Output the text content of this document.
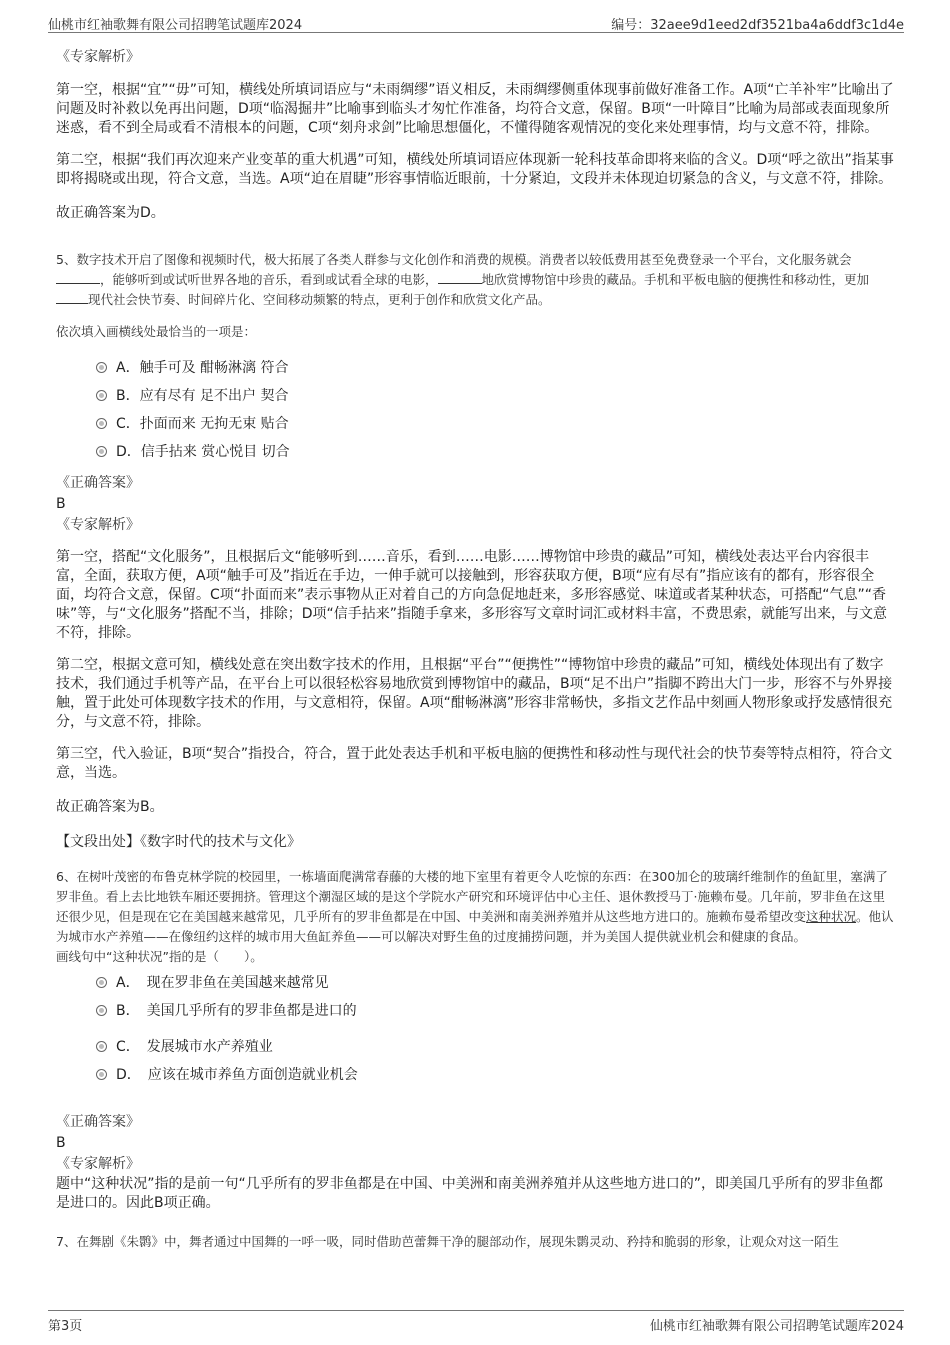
仙桃市红袖歌舞有限公司招聘笔试题库2024	编号：32aee9d1eed2df3521ba4a6ddf3c1d4e

《专家解析》

第一空，根据“宜”“毋”可知，横线处所填词语应与“未雨绸缪”语义相反，未雨绸缪侧重体现事前做好准备工作。A项“亡羊补牢”比喻出了问题及时补救以免再出问题，D项“临渴掘井”比喻事到临头才匆忙作准备，均符合文意，保留。B项“一叶障目”比喻为局部或表面现象所迷惑，看不到全局或看不清根本的问题，C项“刻舟求剑”比喻思想僵化，不懂得随客观情况的变化来处理事情，均与文意不符，排除。

第二空，根据“我们再次迎来产业变革的重大机遇”可知，横线处所填词语应体现新一轮科技革命即将来临的含义。D项“呼之欲出”指某事即将揭晓或出现，符合文意，当选。A项“迫在眉睫”形容事情临近眼前，十分紧迫，文段并未体现迫切紧急的含义，与文意不符，排除。

故正确答案为D。

5、数字技术开启了图像和视频时代，极大拓展了各类人群参与文化创作和消费的规模。消费者以较低费用甚至免费登录一个平台，文化服务就会，能够听到或试听世界各地的音乐，看到或试看全球的电影，	地欣赏博物馆中珍贵的藏品。手机和平板电脑的便携性和移动性，更加现代社会快节奏、时间碎片化、空间移动频繁的特点，更利于创作和欣赏文化产品。

依次填入画横线处最恰当的一项是：

A．触手可及 酣畅淋漓 符合
B．应有尽有 足不出户 契合
C．扑面而来 无拘无束 贴合
D．信手拈来 赏心悦目 切合

《正确答案》

B

《专家解析》

第一空，搭配“文化服务”，且根据后文“能够听到……音乐，看到……电影……博物馆中珍贵的藏品”可知，横线处表达平台内容很丰富，全面，获取方便，A项“触手可及”指近在手边，一伸手就可以接触到，形容获取方便，B项“应有尽有”指应该有的都有，形容很全面，均符合文意，保留。C项“扑面而来”表示事物从正对着自己的方向急促地赶来，多形容感觉、味道或者某种状态，可搭配“气息”“香味”等，与“文化服务”搭配不当，排除；D项“信手拈来”指随手拿来，多形容写文章时词汇或材料丰富，不费思索，就能写出来，与文意不符，排除。

第二空，根据文意可知，横线处意在突出数字技术的作用，且根据“平台”“便携性”“博物馆中珍贵的藏品”可知，横线处体现出有了数字技术，我们通过手机等产品，在平台上可以很轻松容易地欣赏到博物馆中的藏品，B项“足不出户”指脚不跨出大门一步，形容不与外界接触，置于此处可体现数字技术的作用，与文意相符，保留。A项“酣畅淋漓”形容非常畅快，多指文艺作品中刻画人物形象或抒发感情很充分，与文意不符，排除。

第三空，代入验证，B项“契合”指投合，符合，置于此处表达手机和平板电脑的便携性和移动性与现代社会的快节奏等特点相符，符合文意，当选。

故正确答案为B。

【文段出处】《数字时代的技术与文化》

6、在树叶茂密的布鲁克林学院的校园里，一栋墙面爬满常春藤的大楼的地下室里有着更令人吃惊的东西：在300加仑的玻璃纤维制作的鱼缸里，塞满了罗非鱼。看上去比地铁车厢还要拥挤。管理这个潮湿区域的是这个学院水产研究和环境评估中心主任、退休教授马丁·施赖布曼。几年前，罗非鱼在这里还很少见，但是现在它在美国越来越常见，几乎所有的罗非鱼都是在中国、中美洲和南美洲养殖并从这些地方进口的。施赖布曼希望改变这种状况。他认为城市水产养殖——在像纽约这样的城市用大鱼缸养鱼——可以解决对野生鱼的过度捕捞问题，并为美国人提供就业机会和健康的食品。

画线句中“这种状况”指的是（　　）。

A．　现在罗非鱼在美国越来越常见
B．　美国几乎所有的罗非鱼都是进口的
C．　发展城市水产养殖业
D．　应该在城市养鱼方面创造就业机会

《正确答案》

B

《专家解析》

题中“这种状况”指的是前一句“几乎所有的罗非鱼都是在中国、中美洲和南美洲养殖并从这些地方进口的”，即美国几乎所有的罗非鱼都是进口的。因此B项正确。

7、在舞剧《朱鹮》中，舞者通过中国舞的一呼一吸，同时借助芭蕾舞干净的腿部动作，展现朱鹮灵动、矜持和脆弱的形象，让观众对这一陌生

第3页	仙桃市红袖歌舞有限公司招聘笔试题库2024
